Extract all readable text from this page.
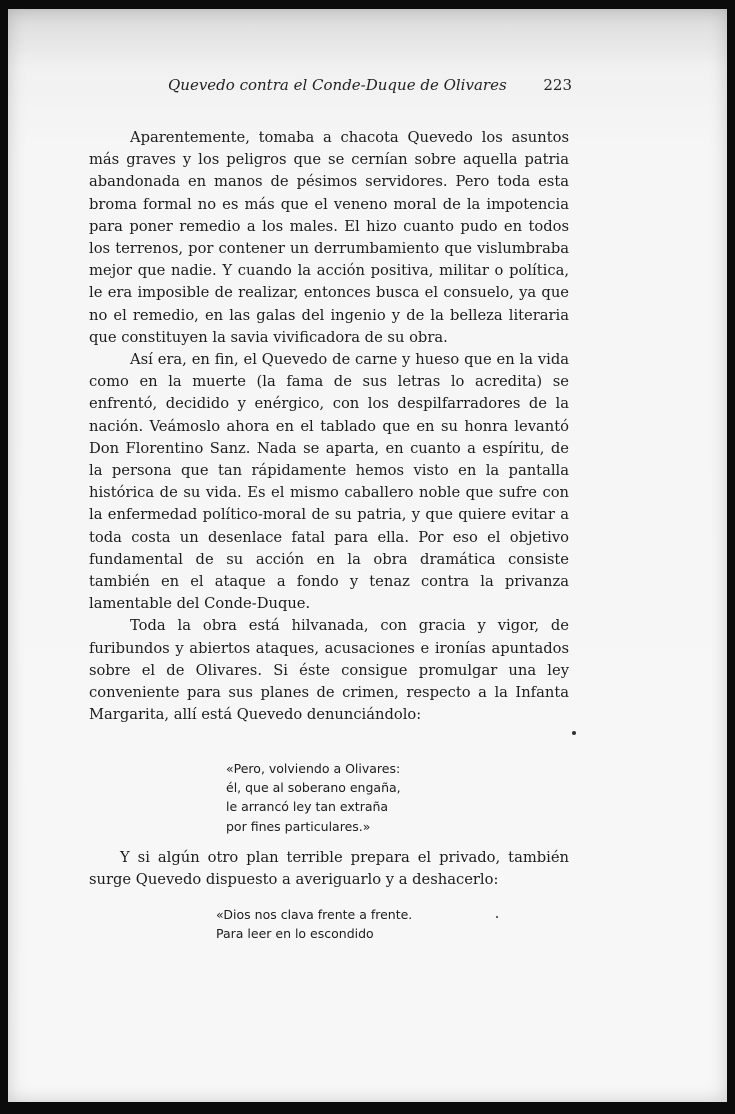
Quevedo contra el Conde-Duque de Olivares 223

Aparentemente, tomaba a chacota Quevedo los asuntos más graves y los peligros que se cernían sobre aquella patria abandonada en manos de pésimos servidores. Pero toda esta broma formal no es más que el veneno moral de la impotencia para poner remedio a los males. El hizo cuanto pudo en todos los terrenos, por contener un derrumbamiento que vislumbraba mejor que nadie. Y cuando la acción positiva, militar o política, le era imposible de realizar, entonces busca el consuelo, ya que no el remedio, en las galas del ingenio y de la belleza literaria que constituyen la savia vivificadora de su obra.

Así era, en fin, el Quevedo de carne y hueso que en la vida como en la muerte (la fama de sus letras lo acredita) se enfrentó, decidido y enérgico, con los despilfarradores de la nación. Veámoslo ahora en el tablado que en su honra levantó Don Florentino Sanz. Nada se aparta, en cuanto a espíritu, de la persona que tan rápidamente hemos visto en la pantalla histórica de su vida. Es el mismo caballero noble que sufre con la enfermedad político-moral de su patria, y que quiere evitar a toda costa un desenlace fatal para ella. Por eso el objetivo fundamental de su acción en la obra dramática consiste también en el ataque a fondo y tenaz contra la privanza lamentable del Conde-Duque.

Toda la obra está hilvanada, con gracia y vigor, de furibundos y abiertos ataques, acusaciones e ironías apuntados sobre el de Olivares. Si éste consigue promulgar una ley conveniente para sus planes de crimen, respecto a la Infanta Margarita, allí está Quevedo denunciándolo:

«Pero, volviendo a Olivares:
él, que al soberano engaña,
le arrancó ley tan extraña
por fines particulares.»

Y si algún otro plan terrible prepara el privado, también surge Quevedo dispuesto a averiguarlo y a deshacerlo:

«Dios nos clava frente a frente.
Para leer en lo escondido
